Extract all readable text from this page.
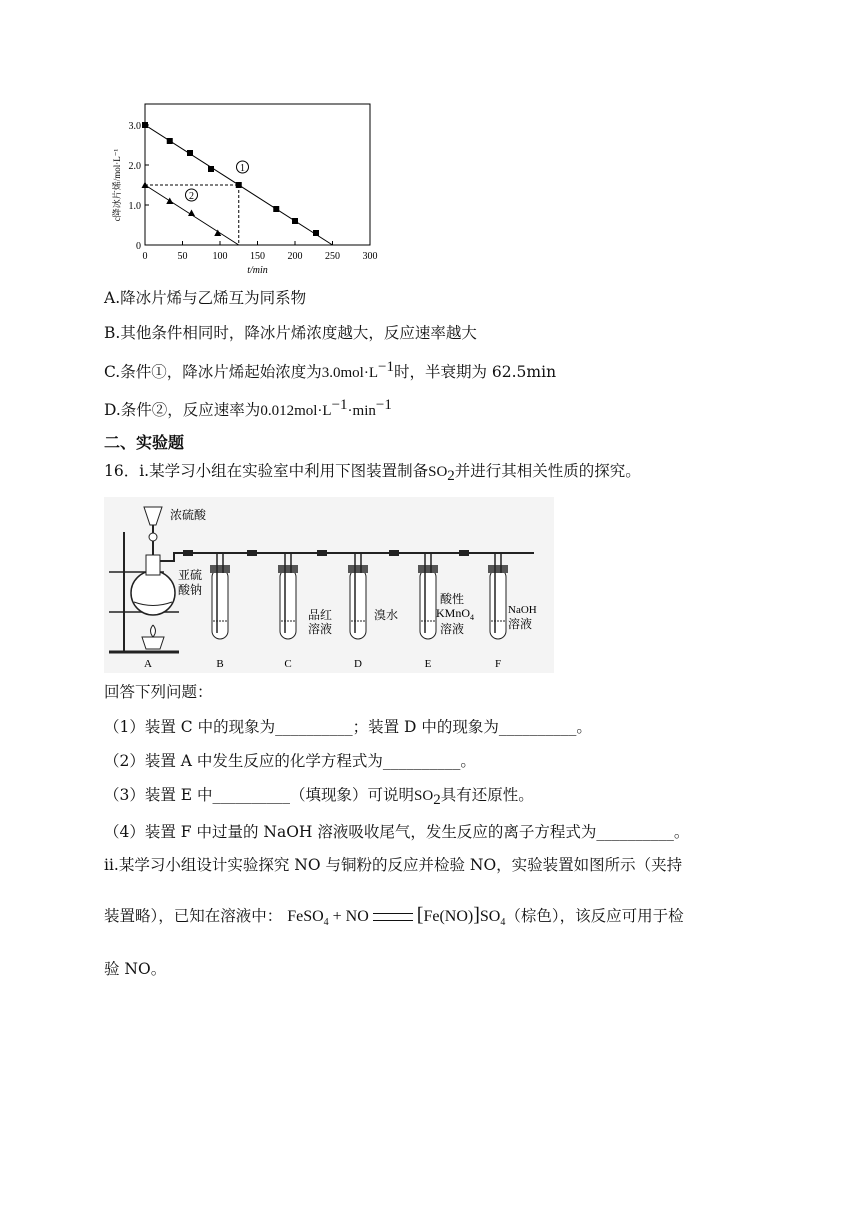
0	50	100 150 200 250 300
0
1.0
2.0
3.0
t/min
c降冰片烯/mol·L⁻¹	1
2
A.降冰片烯与乙烯互为同系物
B.其他条件相同时，降冰片烯浓度越大，反应速率越大
C.条件①，降冰片烯起始浓度为$3.0mol\cdot L^{-1}$时，半衰期为 62.5min
D.条件②，反应速率为$0.012mol\cdot L^{-1}\cdot\min^{-1}$
二、实验题
16．ⅰ.某学习小组在实验室中利用下图装置制备$SO_2$并进行其相关性质的探究。
浓硫酸
亚硫
酸钠
品红
溶液
溴水
酸性
KMnO$_4$
溶液
NaOH
溶液
A	B	C	D	E	F
回答下列问题：
（1）装置 C 中的现象为__________；装置 D 中的现象为__________。
（2）装置 A 中发生反应的化学方程式为__________。
（3）装置 E 中__________（填现象）可说明$SO_2$具有还原性。
（4）装置 F 中过量的 NaOH 溶液吸收尾气，发生反应的离子方程式为__________。
ⅱ.某学习小组设计实验探究 NO 与铜粉的反应并检验 NO，实验装置如图所示（夹持
装置略），已知在溶液中： FeSO$_4$ + NO $[Fe(NO)]SO_4$（棕色），该反应可用于检
验 NO。
